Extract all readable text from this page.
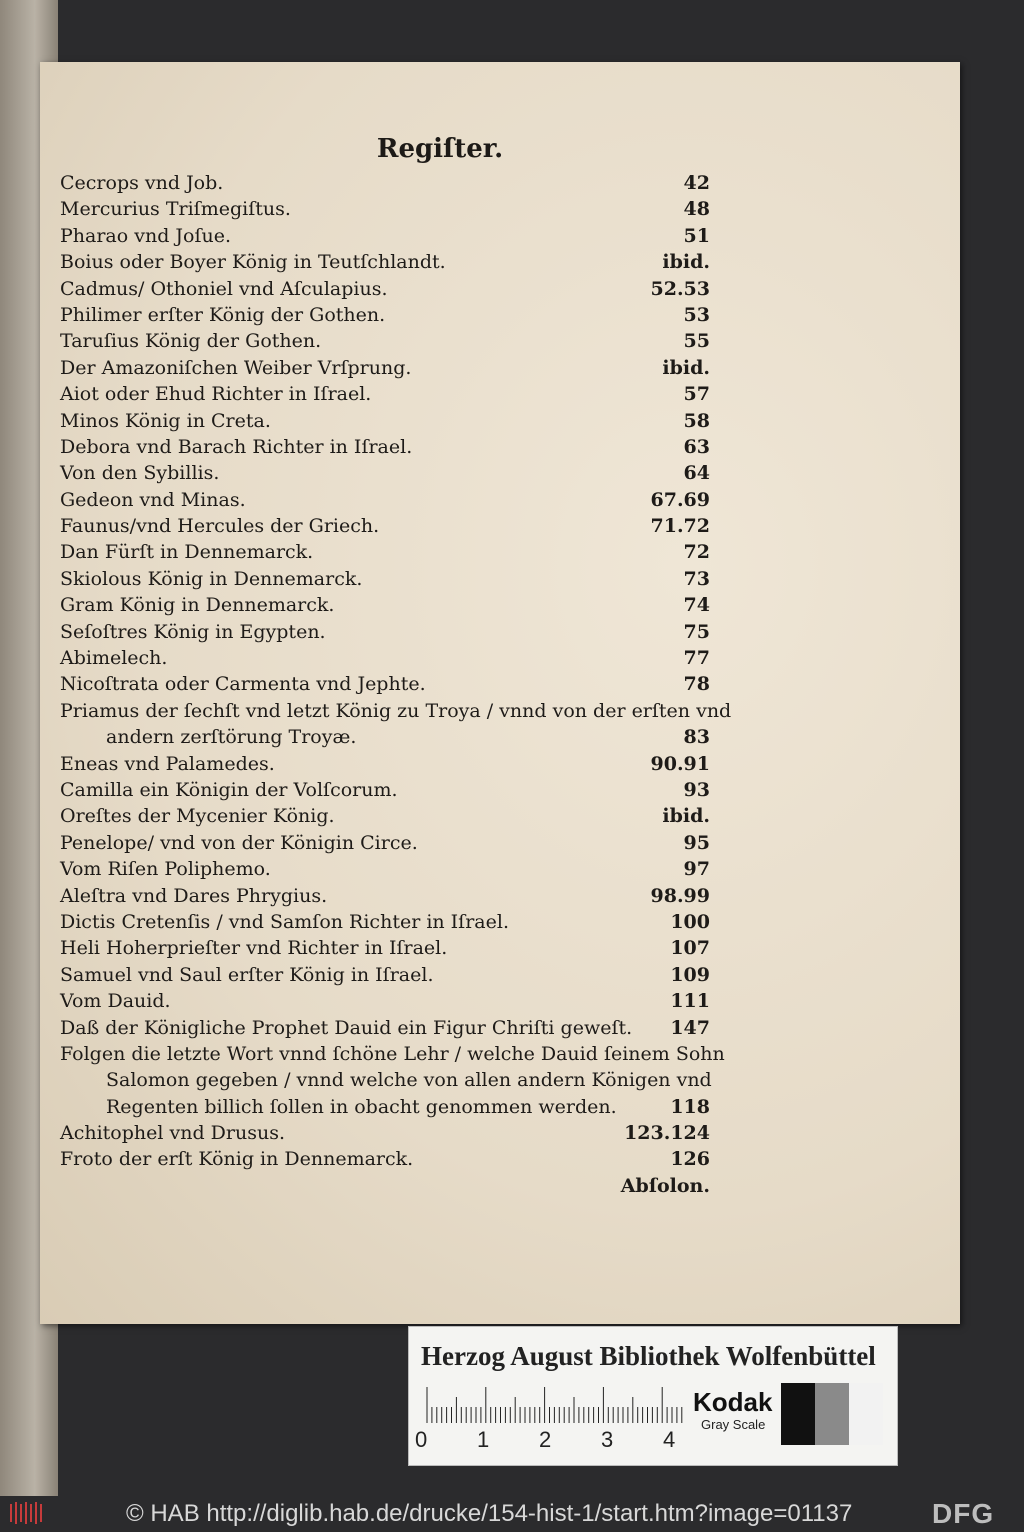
Regiſter.
Cecrops vnd Job.	42
Mercurius Triſmegiſtus.	48
Pharao vnd Joſue.	51
Boius oder Boyer König in Teutſchlandt.	ibid.
Cadmus/ Othoniel vnd Aſculapius.	52.53
Philimer erſter König der Gothen.	53
Taruſius König der Gothen.	55
Der Amazoniſchen Weiber Vrſprung.	ibid.
Aiot oder Ehud Richter in Iſrael.	57
Minos König in Creta.	58
Debora vnd Barach Richter in Iſrael.	63
Von den Sybillis.	64
Gedeon vnd Minas.	67.69
Faunus/vnd Hercules der Griech.	71.72
Dan Fürſt in Dennemarck.	72
Skiolous König in Dennemarck.	73
Gram König in Dennemarck.	74
Seſoſtres König in Egypten.	75
Abimelech.	77
Nicoſtrata oder Carmenta vnd Jephte.	78
Priamus der ſechſt vnd letzt König zu Troya / vnnd von der erſten vnd
andern zerſtörung Troyæ.	83
Eneas vnd Palamedes.	90.91
Camilla ein Königin der Volſcorum.	93
Oreſtes der Mycenier König.	ibid.
Penelope/ vnd von der Königin Circe.	95
Vom Riſen Poliphemo.	97
Aleſtra vnd Dares Phrygius.	98.99
Dictis Cretenſis / vnd Samſon Richter in Iſrael.	100
Heli Hoherprieſter vnd Richter in Iſrael.	107
Samuel vnd Saul erſter König in Iſrael.	109
Vom Dauid.	111
Daß der Königliche Prophet Dauid ein Figur Chriſti geweſt. 147
Folgen die letzte Wort vnnd ſchöne Lehr / welche Dauid ſeinem Sohn
Salomon gegeben / vnnd welche von allen andern Königen vnd
Regenten billich ſollen in obacht genommen werden.	118
Achitophel vnd Drusus.	123.124
Froto der erſt König in Dennemarck.	126
Abſolon.
Herzog August Bibliothek Wolfenbüttel
0 1 2 3 4
Kodak
Gray Scale
© HAB http://diglib.hab.de/drucke/154-hist-1/start.htm?image=01137	DFG
